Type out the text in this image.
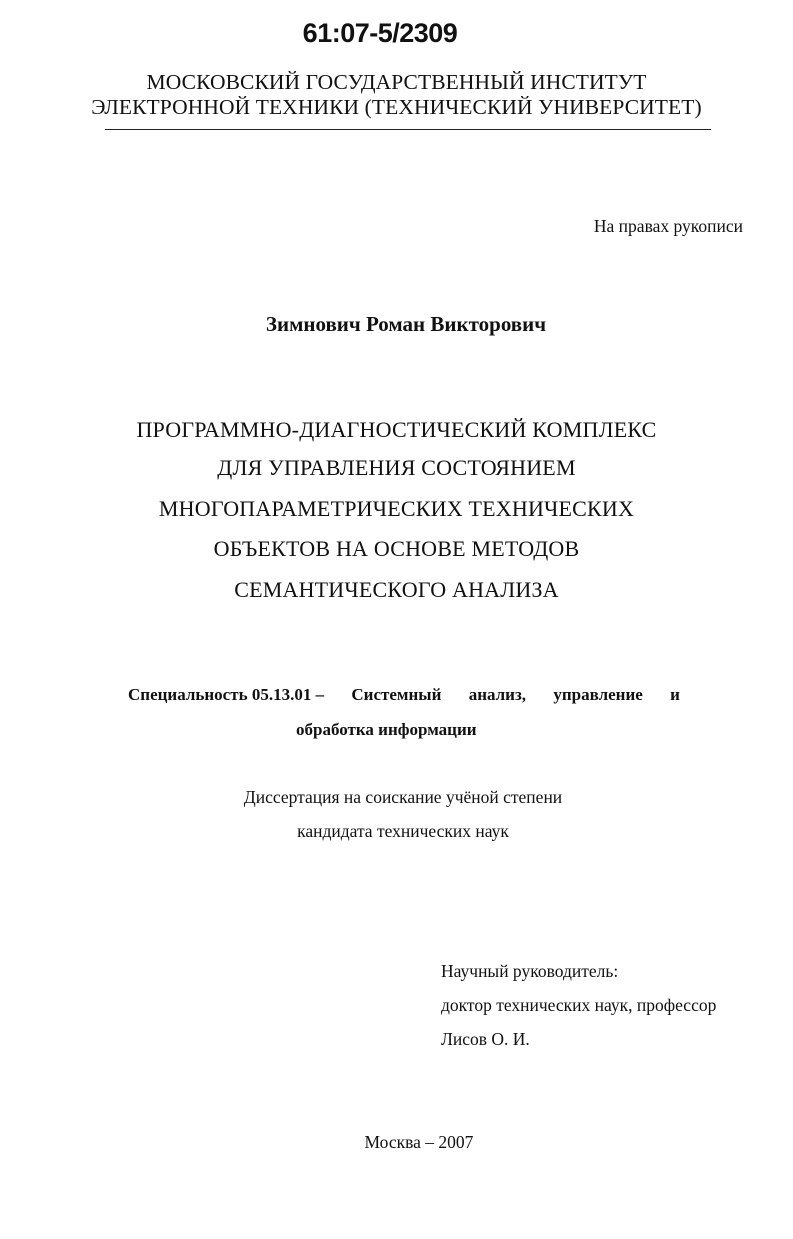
61:07-5/2309
МОСКОВСКИЙ ГОСУДАРСТВЕННЫЙ ИНСТИТУТ
ЭЛЕКТРОННОЙ ТЕХНИКИ (ТЕХНИЧЕСКИЙ УНИВЕРСИТЕТ)
На правах рукописи
Зимнович Роман Викторович
ПРОГРАММНО-ДИАГНОСТИЧЕСКИЙ КОМПЛЕКС
ДЛЯ УПРАВЛЕНИЯ СОСТОЯНИЕМ
МНОГОПАРАМЕТРИЧЕСКИХ ТЕХНИЧЕСКИХ
ОБЪЕКТОВ НА ОСНОВЕ МЕТОДОВ
СЕМАНТИЧЕСКОГО АНАЛИЗА
Специальность 05.13.01 – Системный анализ, управление и
обработка информации
Диссертация на соискание учёной степени
кандидата технических наук
Научный руководитель:
доктор технических наук, профессор
Лисов О. И.
Москва – 2007
